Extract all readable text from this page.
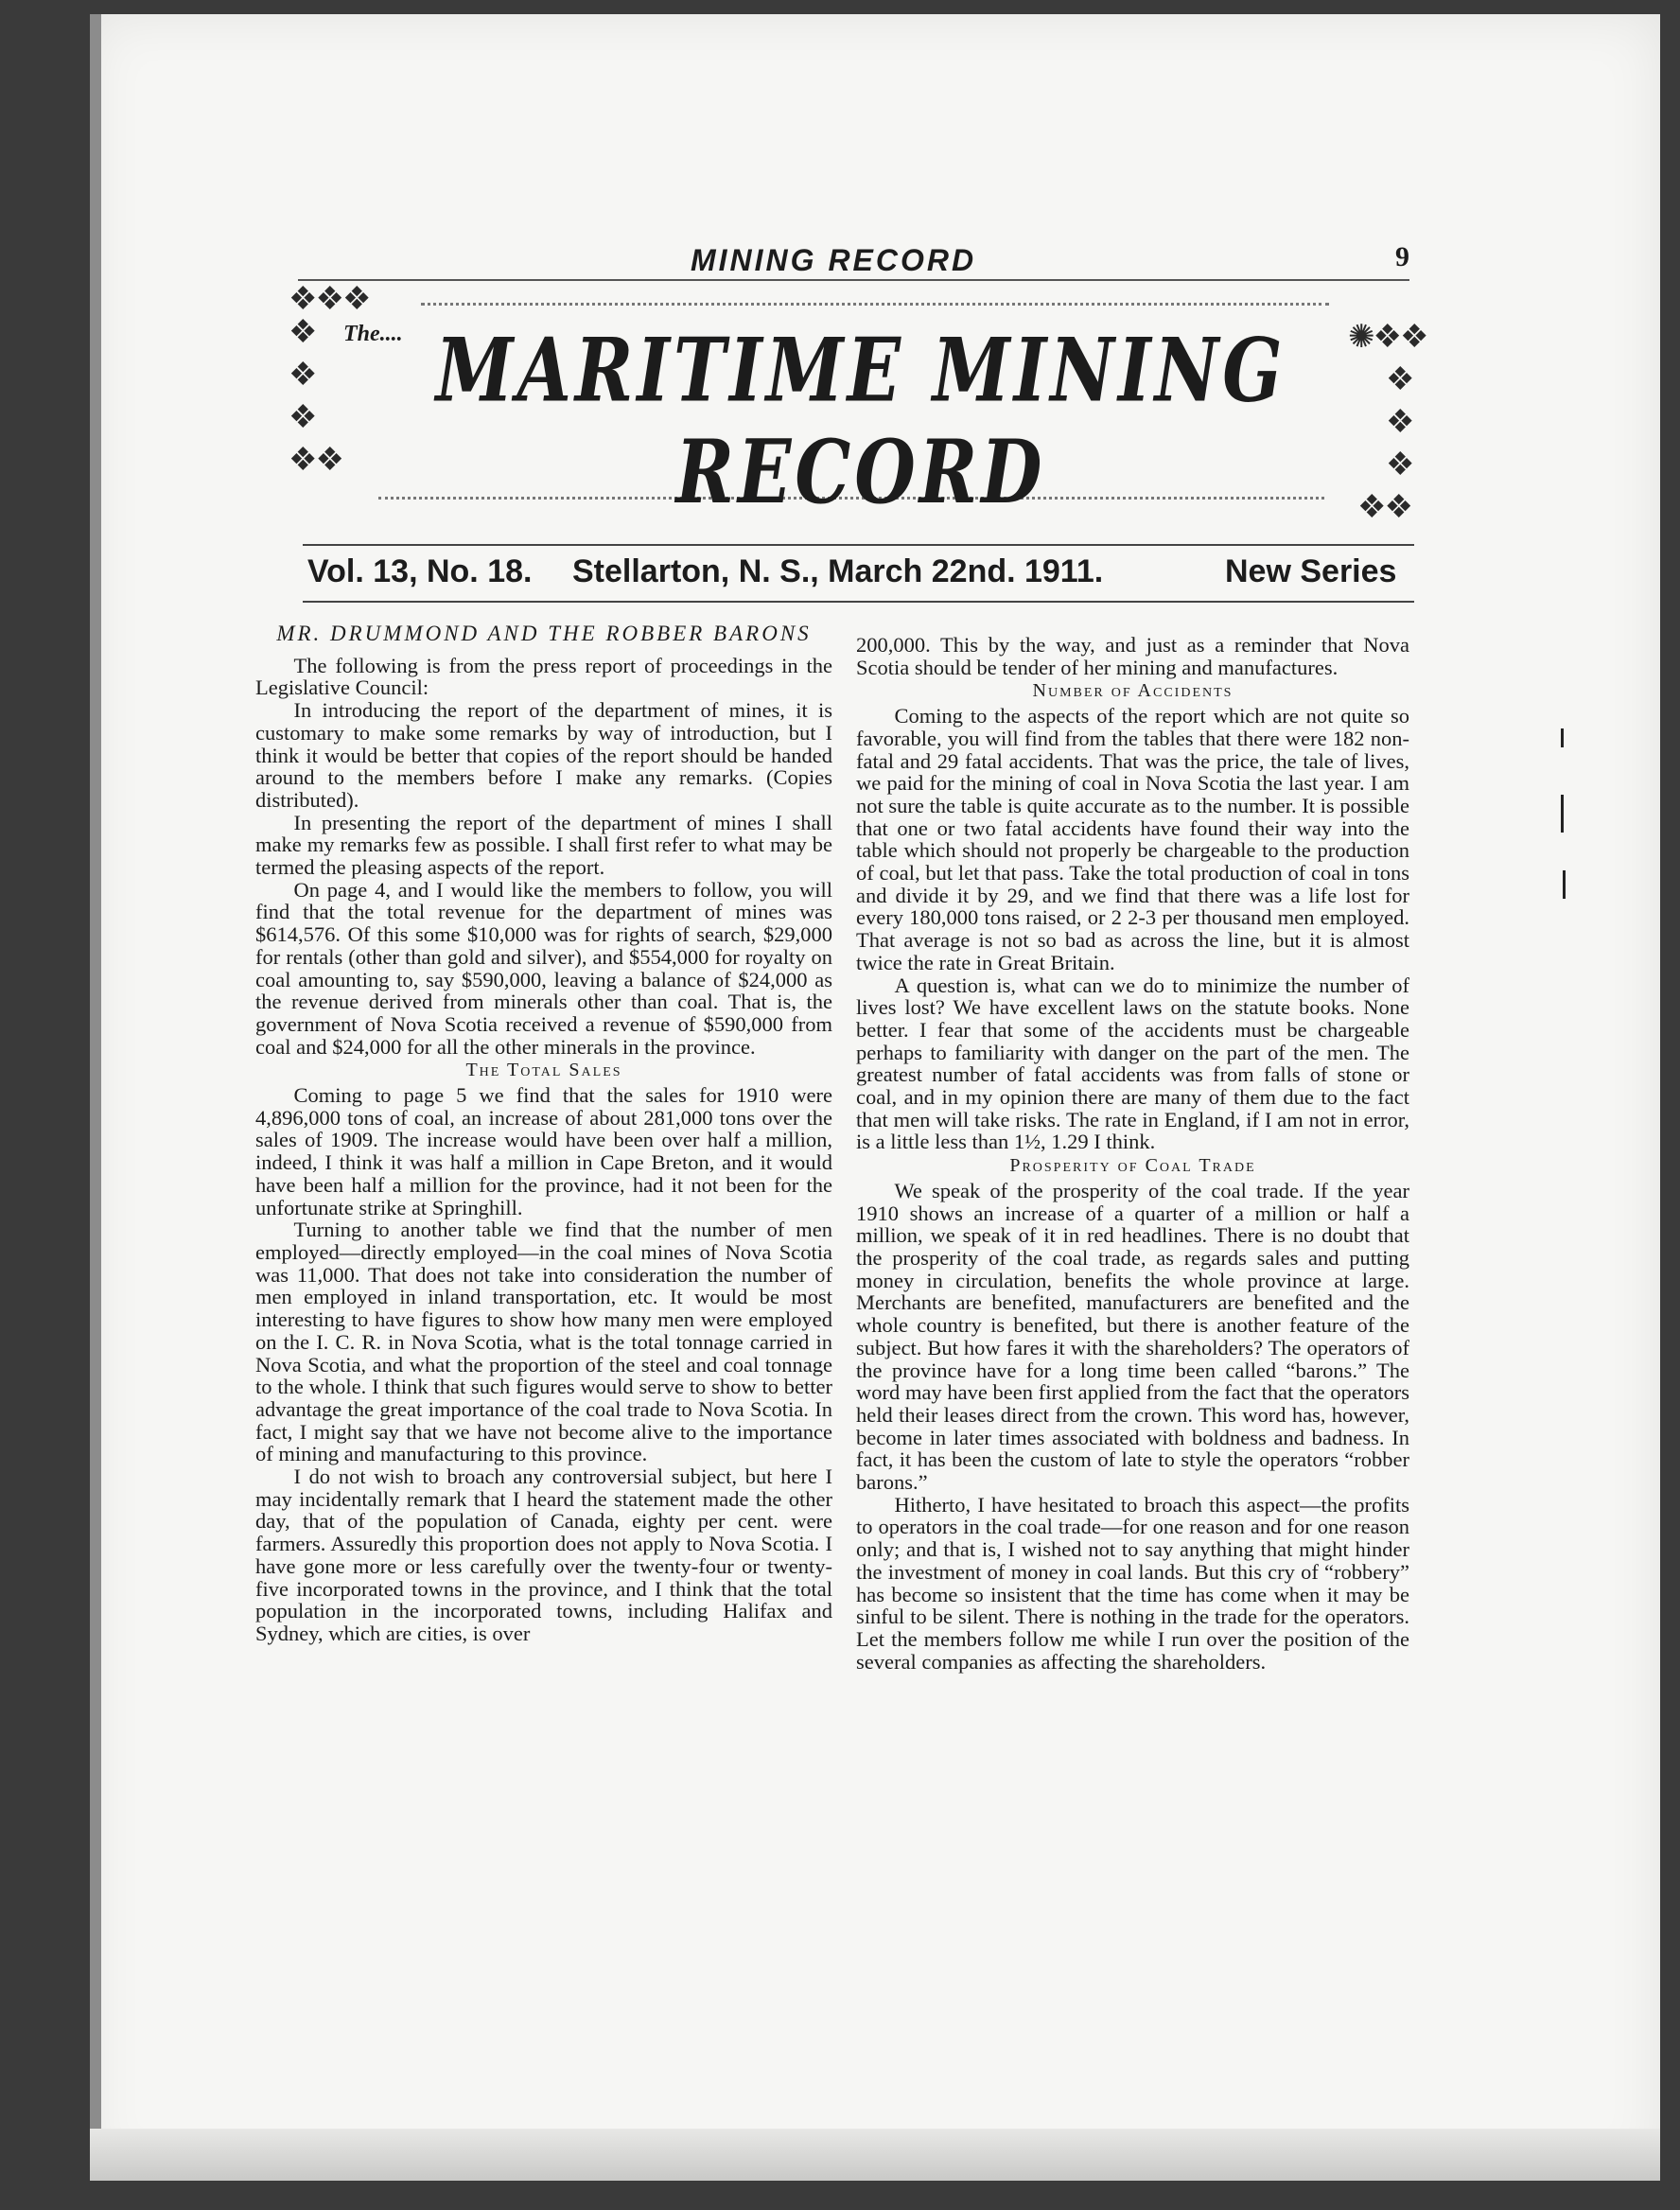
MINING RECORD	9
❖❖❖
❖
❖
❖
❖❖
✺❖❖
❖
❖
❖
❖❖
The.... MARITIME MINING RECORD
Vol. 13, No. 18. Stellarton, N. S., March 22nd. 1911.	New Series
MR. DRUMMOND AND THE ROBBER BARONS

The following is from the press report of proceedings in the Legislative Council:

In introducing the report of the department of mines, it is customary to make some remarks by way of introduction, but I think it would be better that copies of the report should be handed around to the members before I make any remarks. (Copies distributed).

In presenting the report of the department of mines I shall make my remarks few as possible. I shall first refer to what may be termed the pleasing aspects of the report.

On page 4, and I would like the members to follow, you will find that the total revenue for the department of mines was $614,576. Of this some $10,000 was for rights of search, $29,000 for rentals (other than gold and silver), and $554,000 for royalty on coal amounting to, say $590,000, leaving a balance of $24,000 as the revenue derived from minerals other than coal. That is, the government of Nova Scotia received a revenue of $590,000 from coal and $24,000 for all the other minerals in the province.

The Total Sales

Coming to page 5 we find that the sales for 1910 were 4,896,000 tons of coal, an increase of about 281,000 tons over the sales of 1909. The increase would have been over half a million, indeed, I think it was half a million in Cape Breton, and it would have been half a million for the province, had it not been for the unfortunate strike at Springhill.

Turning to another table we find that the number of men employed—directly employed—in the coal mines of Nova Scotia was 11,000. That does not take into consideration the number of men employed in inland transportation, etc. It would be most interesting to have figures to show how many men were employed on the I. C. R. in Nova Scotia, what is the total tonnage carried in Nova Scotia, and what the proportion of the steel and coal tonnage to the whole. I think that such figures would serve to show to better advantage the great importance of the coal trade to Nova Scotia. In fact, I might say that we have not become alive to the importance of mining and manufacturing to this province.

I do not wish to broach any controversial subject, but here I may incidentally remark that I heard the statement made the other day, that of the population of Canada, eighty per cent. were farmers. Assuredly this proportion does not apply to Nova Scotia. I have gone more or less carefully over the twenty-four or twenty-five incorporated towns in the province, and I think that the total population in the incorporated towns, including Halifax and Sydney, which are cities, is over

200,000. This by the way, and just as a reminder that Nova Scotia should be tender of her mining and manufactures.

Number of Accidents

Coming to the aspects of the report which are not quite so favorable, you will find from the tables that there were 182 non-fatal and 29 fatal accidents. That was the price, the tale of lives, we paid for the mining of coal in Nova Scotia the last year. I am not sure the table is quite accurate as to the number. It is possible that one or two fatal accidents have found their way into the table which should not properly be chargeable to the production of coal, but let that pass. Take the total production of coal in tons and divide it by 29, and we find that there was a life lost for every 180,000 tons raised, or 2 2-3 per thousand men employed. That average is not so bad as across the line, but it is almost twice the rate in Great Britain.

A question is, what can we do to minimize the number of lives lost? We have excellent laws on the statute books. None better. I fear that some of the accidents must be chargeable perhaps to familiarity with danger on the part of the men. The greatest number of fatal accidents was from falls of stone or coal, and in my opinion there are many of them due to the fact that men will take risks. The rate in England, if I am not in error, is a little less than 1½, 1.29 I think.

Prosperity of Coal Trade

We speak of the prosperity of the coal trade. If the year 1910 shows an increase of a quarter of a million or half a million, we speak of it in red headlines. There is no doubt that the prosperity of the coal trade, as regards sales and putting money in circulation, benefits the whole province at large. Merchants are benefited, manufacturers are benefited and the whole country is benefited, but there is another feature of the subject. But how fares it with the shareholders? The operators of the province have for a long time been called “barons.” The word may have been first applied from the fact that the operators held their leases direct from the crown. This word has, however, become in later times associated with boldness and badness. In fact, it has been the custom of late to style the operators “robber barons.”

Hitherto, I have hesitated to broach this aspect—the profits to operators in the coal trade—for one reason and for one reason only; and that is, I wished not to say anything that might hinder the investment of money in coal lands. But this cry of “robbery” has become so insistent that the time has come when it may be sinful to be silent. There is nothing in the trade for the operators. Let the members follow me while I run over the position of the several companies as affecting the shareholders.
